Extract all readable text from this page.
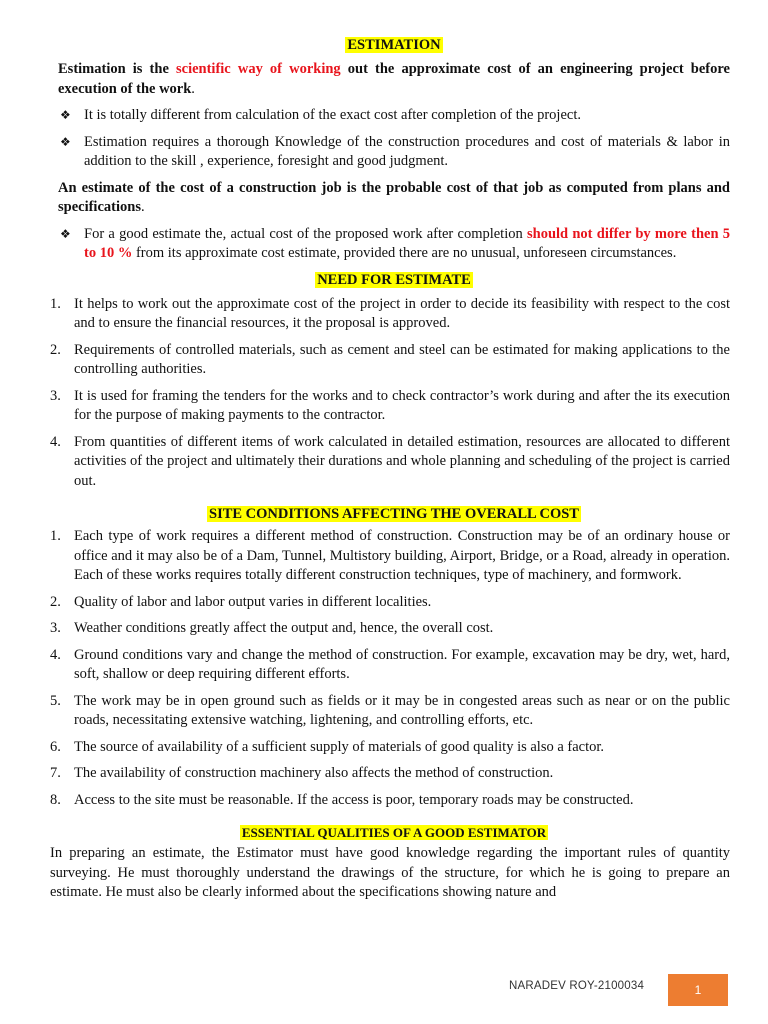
ESTIMATION

Estimation is the scientific way of working out the approximate cost of an engineering project before execution of the work.

❖ It is totally different from calculation of the exact cost after completion of the project.
❖ Estimation requires a thorough Knowledge of the construction procedures and cost of materials & labor in addition to the skill , experience, foresight and good judgment.

An estimate of the cost of a construction job is the probable cost of that job as computed from plans and specifications.

❖ For a good estimate the, actual cost of the proposed work after completion should not differ by more then 5 to 10 % from its approximate cost estimate, provided there are no unusual, unforeseen circumstances.
NEED FOR ESTIMATE
1. It helps to work out the approximate cost of the project in order to decide its feasibility with respect to the cost and to ensure the financial resources, it the proposal is approved.
2. Requirements of controlled materials, such as cement and steel can be estimated for making applications to the controlling authorities.
3. It is used for framing the tenders for the works and to check contractor’s work during and after the its execution for the purpose of making payments to the contractor.
4. From quantities of different items of work calculated in detailed estimation, resources are allocated to different activities of the project and ultimately their durations and whole planning and scheduling of the project is carried out.
SITE CONDITIONS AFFECTING THE OVERALL COST
1. Each type of work requires a different method of construction. Construction may be of an ordinary house or office and it may also be of a Dam, Tunnel, Multistory building, Airport, Bridge, or a Road, already in operation. Each of these works requires totally different construction techniques, type of machinery, and formwork.
2. Quality of labor and labor output varies in different localities.
3. Weather conditions greatly affect the output and, hence, the overall cost.
4. Ground conditions vary and change the method of construction. For example, excavation may be dry, wet, hard, soft, shallow or deep requiring different efforts.
5. The work may be in open ground such as fields or it may be in congested areas such as near or on the public roads, necessitating extensive watching, lightening, and controlling efforts, etc.
6. The source of availability of a sufficient supply of materials of good quality is also a factor.
7. The availability of construction machinery also affects the method of construction.
8. Access to the site must be reasonable. If the access is poor, temporary roads may be constructed.
ESSENTIAL QUALITIES OF A GOOD ESTIMATOR

In preparing an estimate, the Estimator must have good knowledge regarding the important rules of quantity surveying. He must thoroughly understand the drawings of the structure, for which he is going to prepare an estimate. He must also be clearly informed about the specifications showing nature and

NARADEV ROY-2100034	1
